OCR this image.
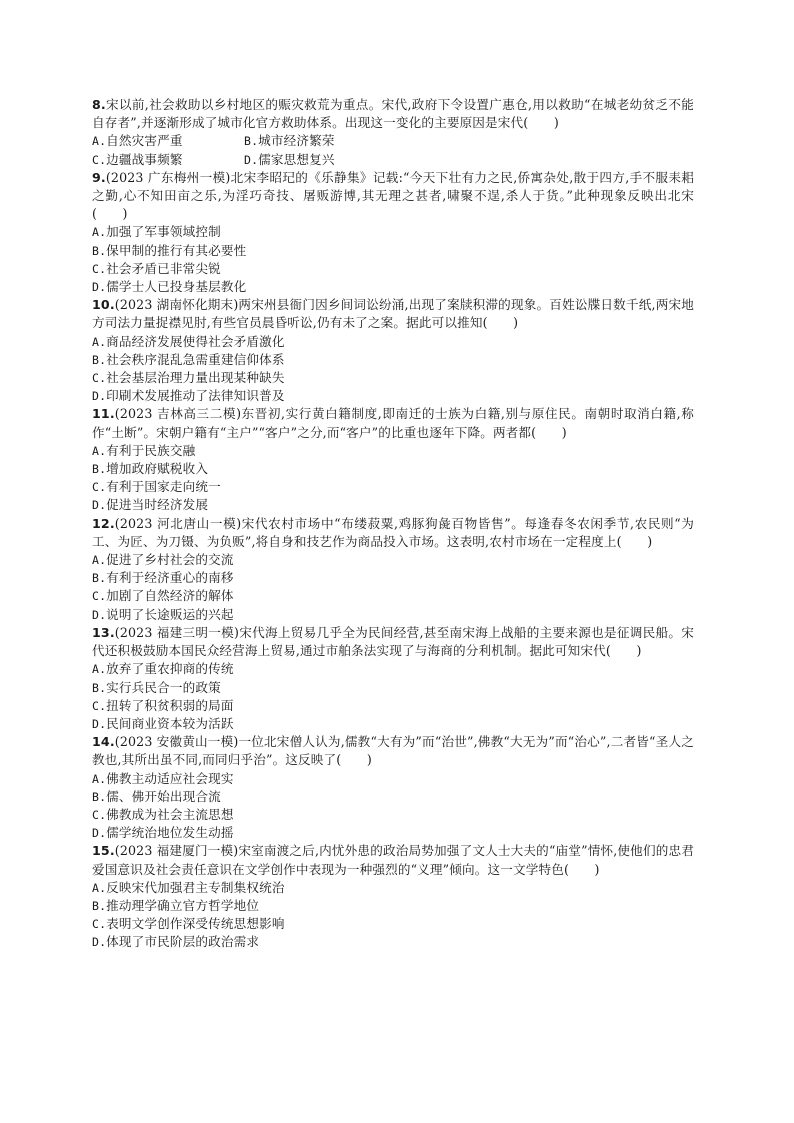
8.宋以前,社会救助以乡村地区的赈灾救荒为重点。宋代,政府下令设置广惠仓,用以救助“在城老幼贫乏不能自存者”,并逐渐形成了城市化官方救助体系。出现这一变化的主要原因是宋代(　　)

A.自然灾害严重	B.城市经济繁荣

C.边疆战事频繁	D.儒家思想复兴

9.(2023 广东梅州一模)北宋李昭玘的《乐静集》记载:“今天下壮有力之民,侨寓杂处,散于四方,手不服耒耜之勤,心不知田亩之乐,为淫巧奇技、屠贩游博,其无理之甚者,啸聚不逞,杀人于货。”此种现象反映出北宋(　　)

A.加强了军事领域控制

B.保甲制的推行有其必要性

C.社会矛盾已非常尖锐

D.儒学士人已投身基层教化

10.(2023 湖南怀化期末)两宋州县衙门因乡间词讼纷涌,出现了案牍积滞的现象。百姓讼牒日数千纸,两宋地方司法力量捉襟见肘,有些官员晨昏听讼,仍有未了之案。据此可以推知(　　)

A.商品经济发展使得社会矛盾激化

B.社会秩序混乱急需重建信仰体系

C.社会基层治理力量出现某种缺失

D.印刷术发展推动了法律知识普及

11.(2023 吉林高三二模)东晋初,实行黄白籍制度,即南迁的士族为白籍,别与原住民。南朝时取消白籍,称作“土断”。宋朝户籍有“主户”“客户”之分,而“客户”的比重也逐年下降。两者都(　　)

A.有利于民族交融

B.增加政府赋税收入

C.有利于国家走向统一

D.促进当时经济发展

12.(2023 河北唐山一模)宋代农村市场中“布缕菽粟,鸡豚狗彘百物皆售”。每逢春冬农闲季节,农民则“为工、为匠、为刀镊、为负贩”,将自身和技艺作为商品投入市场。这表明,农村市场在一定程度上(　　)

A.促进了乡村社会的交流

B.有利于经济重心的南移

C.加剧了自然经济的解体

D.说明了长途贩运的兴起

13.(2023 福建三明一模)宋代海上贸易几乎全为民间经营,甚至南宋海上战船的主要来源也是征调民船。宋代还积极鼓励本国民众经营海上贸易,通过市舶条法实现了与海商的分利机制。据此可知宋代(　　)

A.放弃了重农抑商的传统

B.实行兵民合一的政策

C.扭转了积贫积弱的局面

D.民间商业资本较为活跃

14.(2023 安徽黄山一模)一位北宋僧人认为,儒教“大有为”而“治世”,佛教“大无为”而“治心”,二者皆“圣人之教也,其所出虽不同,而同归乎治”。这反映了(　　)

A.佛教主动适应社会现实

B.儒、佛开始出现合流

C.佛教成为社会主流思想

D.儒学统治地位发生动摇

15.(2023 福建厦门一模)宋室南渡之后,内忧外患的政治局势加强了文人士大夫的“庙堂”情怀,使他们的忠君爱国意识及社会责任意识在文学创作中表现为一种强烈的“义理”倾向。这一文学特色(　　)

A.反映宋代加强君主专制集权统治

B.推动理学确立官方哲学地位

C.表明文学创作深受传统思想影响

D.体现了市民阶层的政治需求
